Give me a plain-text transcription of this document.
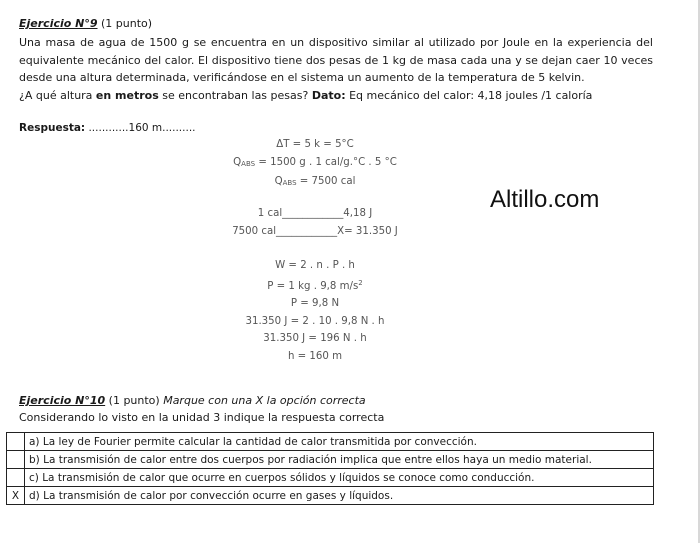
Ejercicio N°9 (1 punto)
Una masa de agua de 1500 g se encuentra en un dispositivo similar al utilizado por Joule en la experiencia del equivalente mecánico del calor. El dispositivo tiene dos pesas de 1 kg de masa cada una y se dejan caer 10 veces desde una altura determinada, verificándose en el sistema un aumento de la temperatura de 5 kelvin.
¿A qué altura en metros se encontraban las pesas? Dato: Eq mecánico del calor: 4,18 joules /1 caloría
Respuesta: ............160 m..........
ΔT = 5 k = 5°C
QABS = 1500 g . 1 cal/g.°C . 5 °C
QABS = 7500 cal
1 cal____________4,18 J
7500 cal____________X= 31.350 J
Altillo.com
W = 2 . n . P . h
P = 1 kg . 9,8 $m/s^2$
P = 9,8 N
31.350 J = 2 . 10 . 9,8 N . h
31.350 J = 196 N . h
h = 160 m
Ejercicio N°10 (1 punto) Marque con una X la opción correcta
Considerando lo visto en la unidad 3 indique la respuesta correcta
	a) La ley de Fourier permite calcular la cantidad de calor transmitida por convección.
	b) La transmisión de calor entre dos cuerpos por radiación implica que entre ellos haya un medio material.
	c) La transmisión de calor que ocurre en cuerpos sólidos y líquidos se conoce como conducción.
X	d) La transmisión de calor por convección ocurre en gases y líquidos.
